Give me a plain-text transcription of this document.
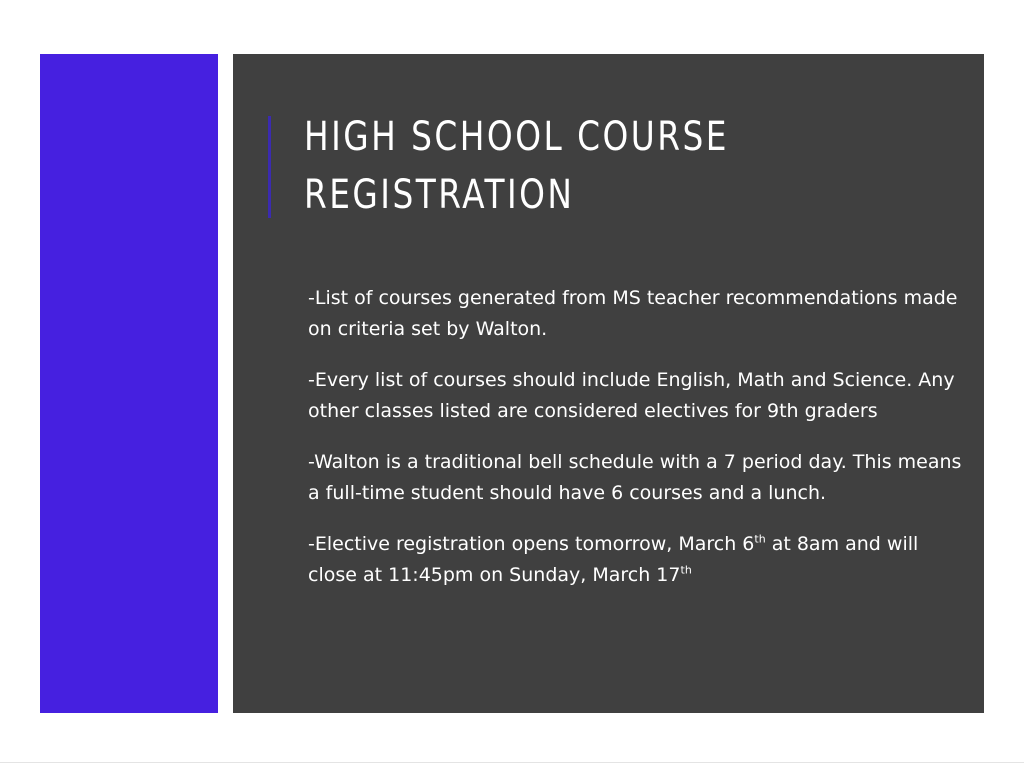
HIGH SCHOOL COURSE
REGISTRATION
-List of courses generated from MS teacher recommendations made on criteria set by Walton.
-Every list of courses should include English, Math and Science. Any other classes listed are considered electives for 9th graders
-Walton is a traditional bell schedule with a 7 period day. This means a full-time student should have 6 courses and a lunch.
-Elective registration opens tomorrow, March 6th at 8am and will close at 11:45pm on Sunday, March 17th
